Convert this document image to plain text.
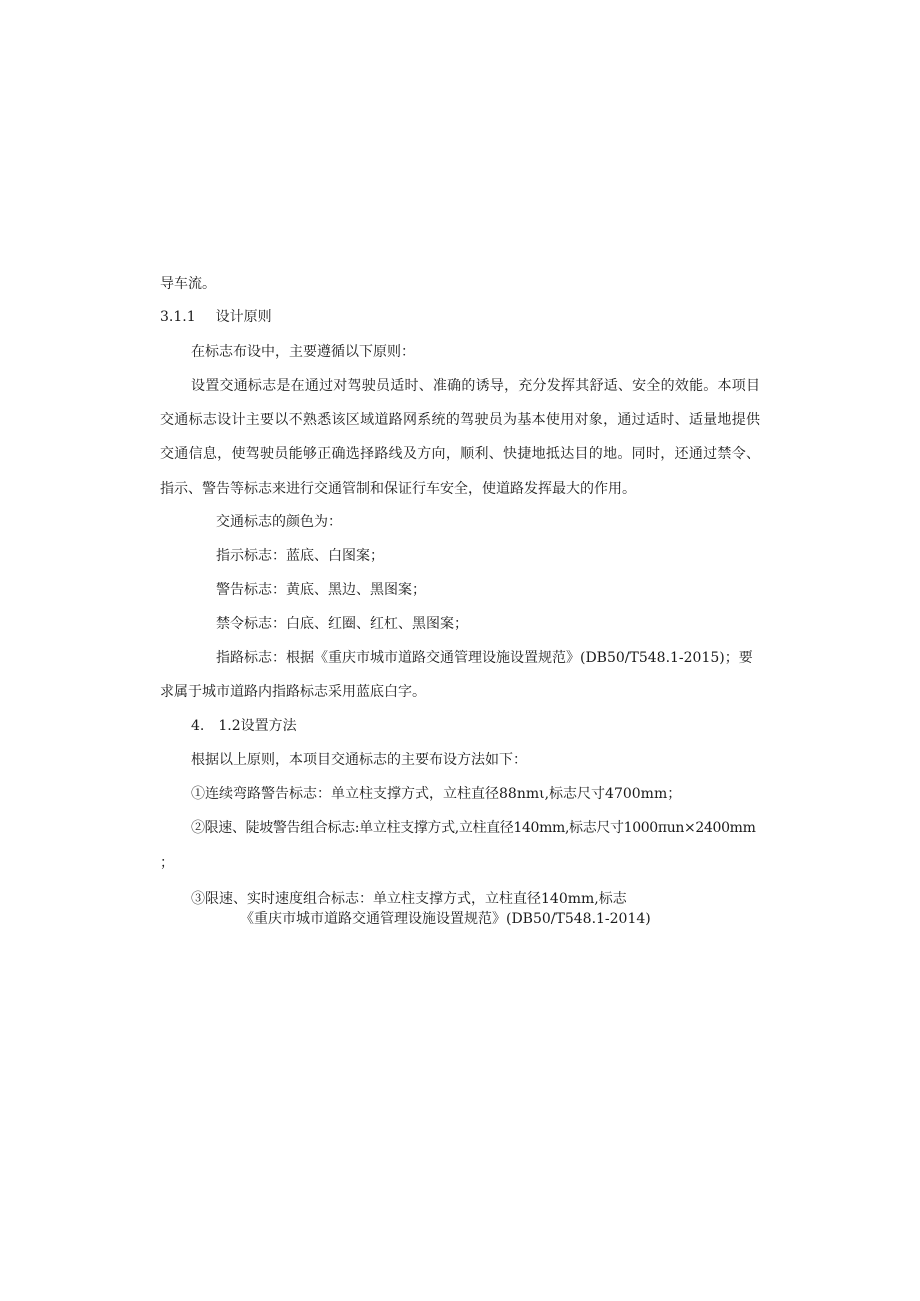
导车流。
3.1.1 设计原则
在标志布设中，主要遵循以下原则：
设置交通标志是在通过对驾驶员适时、准确的诱导，充分发挥其舒适、安全的效能。本项目交通标志设计主要以不熟悉该区域道路网系统的驾驶员为基本使用对象，通过适时、适量地提供交通信息，使驾驶员能够正确选择路线及方向，顺利、快捷地抵达目的地。同时，还通过禁令、指示、警告等标志来进行交通管制和保证行车安全，使道路发挥最大的作用。
交通标志的颜色为：
指示标志：蓝底、白图案；
警告标志：黄底、黑边、黑图案；
禁令标志：白底、红圈、红杠、黑图案；
指路标志：根据《重庆市城市道路交通管理设施设置规范》(DB50/T548.1-2015)；要
求属于城市道路内指路标志采用蓝底白字。
4.　1.2设置方法
根据以上原则，本项目交通标志的主要布设方法如下：
①连续弯路警告标志：单立柱支撑方式，立柱直径88nmι,标志尺寸4700mm；
②限速、陡坡警告组合标志:单立柱支撑方式,立柱直径140mm,标志尺寸1000πun×2400mm
；
③限速、实时速度组合标志：单立柱支撑方式，立柱直径140mm,标志
《重庆市城市道路交通管理设施设置规范》(DB50/T548.1-2014)
